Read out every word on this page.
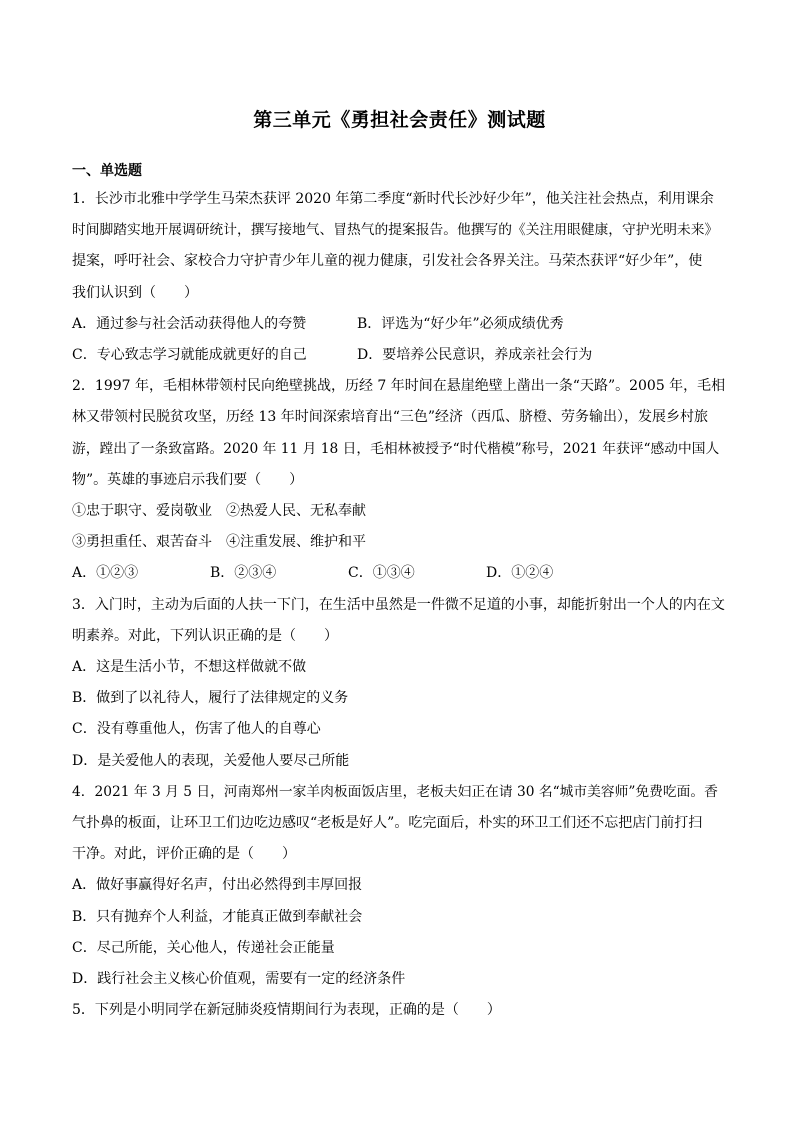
第三单元《勇担社会责任》测试题
一、单选题
1．长沙市北雅中学学生马荣杰获评 2020 年第二季度“新时代长沙好少年”，他关注社会热点，利用课余
时间脚踏实地开展调研统计，撰写接地气、冒热气的提案报告。他撰写的《关注用眼健康，守护光明未来》
提案，呼吁社会、家校合力守护青少年儿童的视力健康，引发社会各界关注。马荣杰获评“好少年”，使
我们认识到（　　）
A．通过参与社会活动获得他人的夸赞	B．评选为“好少年”必须成绩优秀
C．专心致志学习就能成就更好的自己	D．要培养公民意识，养成亲社会行为
2．1997 年，毛相林带领村民向绝壁挑战，历经 7 年时间在悬崖绝壁上凿出一条“天路”。2005 年，毛相
林又带领村民脱贫攻坚，历经 13 年时间深索培育出“三色”经济（西瓜、脐橙、劳务输出），发展乡村旅
游，蹚出了一条致富路。2020 年 11 月 18 日，毛相林被授予“时代楷模”称号，2021 年获评“感动中国人
物”。英雄的事迹启示我们要（　　）
①忠于职守、爱岗敬业　②热爱人民、无私奉献
③勇担重任、艰苦奋斗　④注重发展、维护和平
A．①②③	B．②③④	C．①③④	D．①②④
3．入门时，主动为后面的人扶一下门，在生活中虽然是一件微不足道的小事，却能折射出一个人的内在文
明素养。对此，下列认识正确的是（　　）
A．这是生活小节，不想这样做就不做
B．做到了以礼待人，履行了法律规定的义务
C．没有尊重他人，伤害了他人的自尊心
D．是关爱他人的表现，关爱他人要尽己所能
4．2021 年 3 月 5 日，河南郑州一家羊肉板面饭店里，老板夫妇正在请 30 名“城市美容师”免费吃面。香
气扑鼻的板面，让环卫工们边吃边感叹“老板是好人”。吃完面后，朴实的环卫工们还不忘把店门前打扫
干净。对此，评价正确的是（　　）
A．做好事赢得好名声，付出必然得到丰厚回报
B．只有抛弃个人利益，才能真正做到奉献社会
C．尽己所能，关心他人，传递社会正能量
D．践行社会主义核心价值观，需要有一定的经济条件
5．下列是小明同学在新冠肺炎疫情期间行为表现，正确的是（　　）
